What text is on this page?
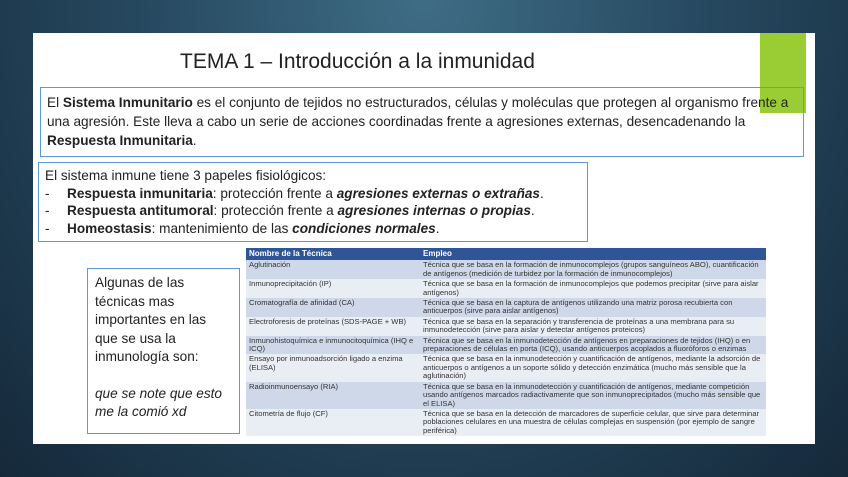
TEMA 1 – Introducción a la inmunidad
El Sistema Inmunitario es el conjunto de tejidos no estructurados, células y moléculas que protegen al organismo frente a una agresión. Este lleva a cabo un serie de acciones coordinadas frente a agresiones externas, desencadenando la Respuesta Inmunitaria.
El sistema inmune tiene 3 papeles fisiológicos:
-	Respuesta inmunitaria: protección frente a agresiones externas o extrañas.
-	Respuesta antitumoral: protección frente a agresiones internas o propias.
-	Homeostasis: mantenimiento de las condiciones normales.
Algunas de las técnicas mas importantes en las que se usa la inmunología son:
que se note que esto me la comió xd
Nombre de la Técnica	Empleo
Aglutinación	Técnica que se basa en la formación de inmunocomplejos (grupos sanguíneos ABO), cuantificación de antígenos (medición de turbidez por la formación de inmunocomplejos)
Inmunoprecipitación (IP)	Técnica que se basa en la formación de inmunocomplejos que podemos precipitar (sirve para aislar antígenos)
Cromatografía de afinidad (CA)	Técnica que se basa en la captura de antígenos utilizando una matriz porosa recubierta con anticuerpos (sirve para aislar antígenos)
Electroforesis de proteínas (SDS-PAGE + WB)	Técnica que se basa en la separación y transferencia de proteínas a una membrana para su inmunodetección (sirve para aislar y detectar antígenos proteicos)
Inmunohistoquímica e inmunocitoquímica (IHQ e ICQ)	Técnica que se basa en la inmunodetección de antígenos en preparaciones de tejidos (IHQ) o en preparaciones de células en porta (ICQ), usando anticuerpos acoplados a fluoróforos o enzimas
Ensayo por inmunoadsorción ligado a enzima (ELISA)	Técnica que se basa en la inmunodetección y cuantificación de antígenos, mediante la adsorción de anticuerpos o antígenos a un soporte sólido y detección enzimática (mucho más sensible que la aglutinación)
Radioinmunoensayo (RIA)	Técnica que se basa en la inmunodetección y cuantificación de antígenos, mediante competición usando antígenos marcados radiactivamente que son inmunoprecipitados (mucho más sensible que el ELISA)
Citometría de flujo (CF)	Técnica que se basa en la detección de marcadores de superficie celular, que sirve para determinar poblaciones celulares en una muestra de células complejas en suspensión (por ejemplo de sangre periférica)
